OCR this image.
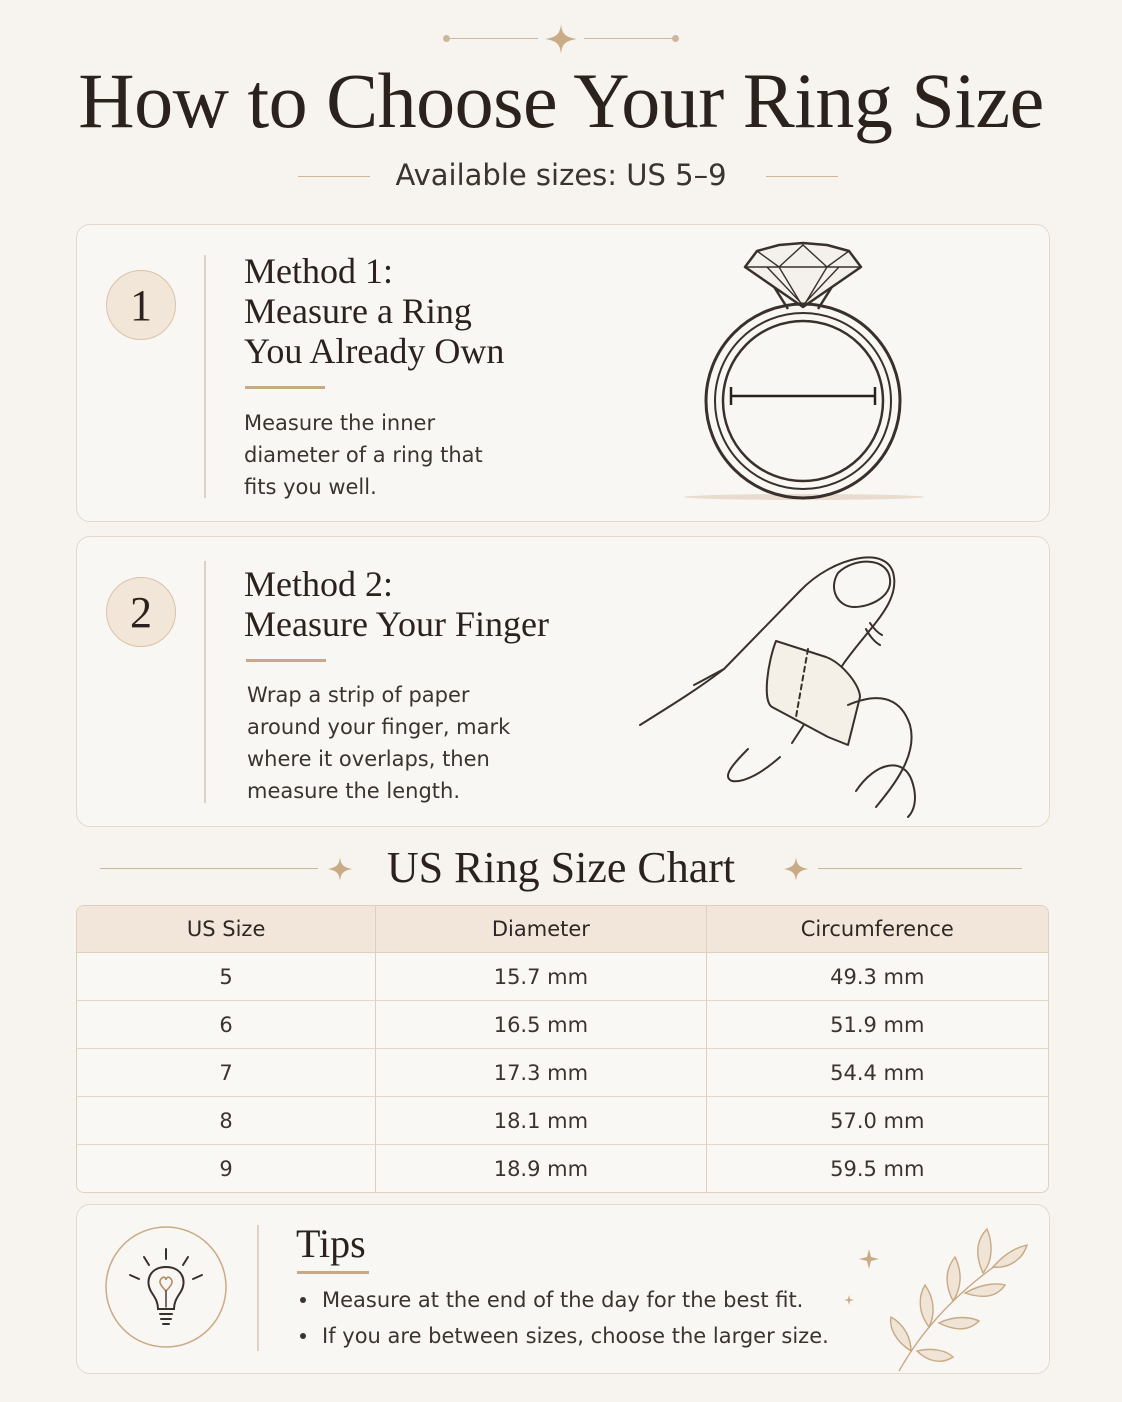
How to Choose Your Ring Size
Available sizes: US 5–9
1
Method 1:
Measure a Ring
You Already Own
Measure the inner diameter of a ring that fits you well.
2
Method 2:
Measure Your Finger
Wrap a strip of paper around your finger, mark where it overlaps, then measure the length.
US Ring Size Chart
US Size	Diameter	Circumference
5	15.7 mm	49.3 mm
6	16.5 mm	51.9 mm
7	17.3 mm	54.4 mm
8	18.1 mm	57.0 mm
9	18.9 mm	59.5 mm
Tips
Measure at the end of the day for the best fit.
If you are between sizes, choose the larger size.
